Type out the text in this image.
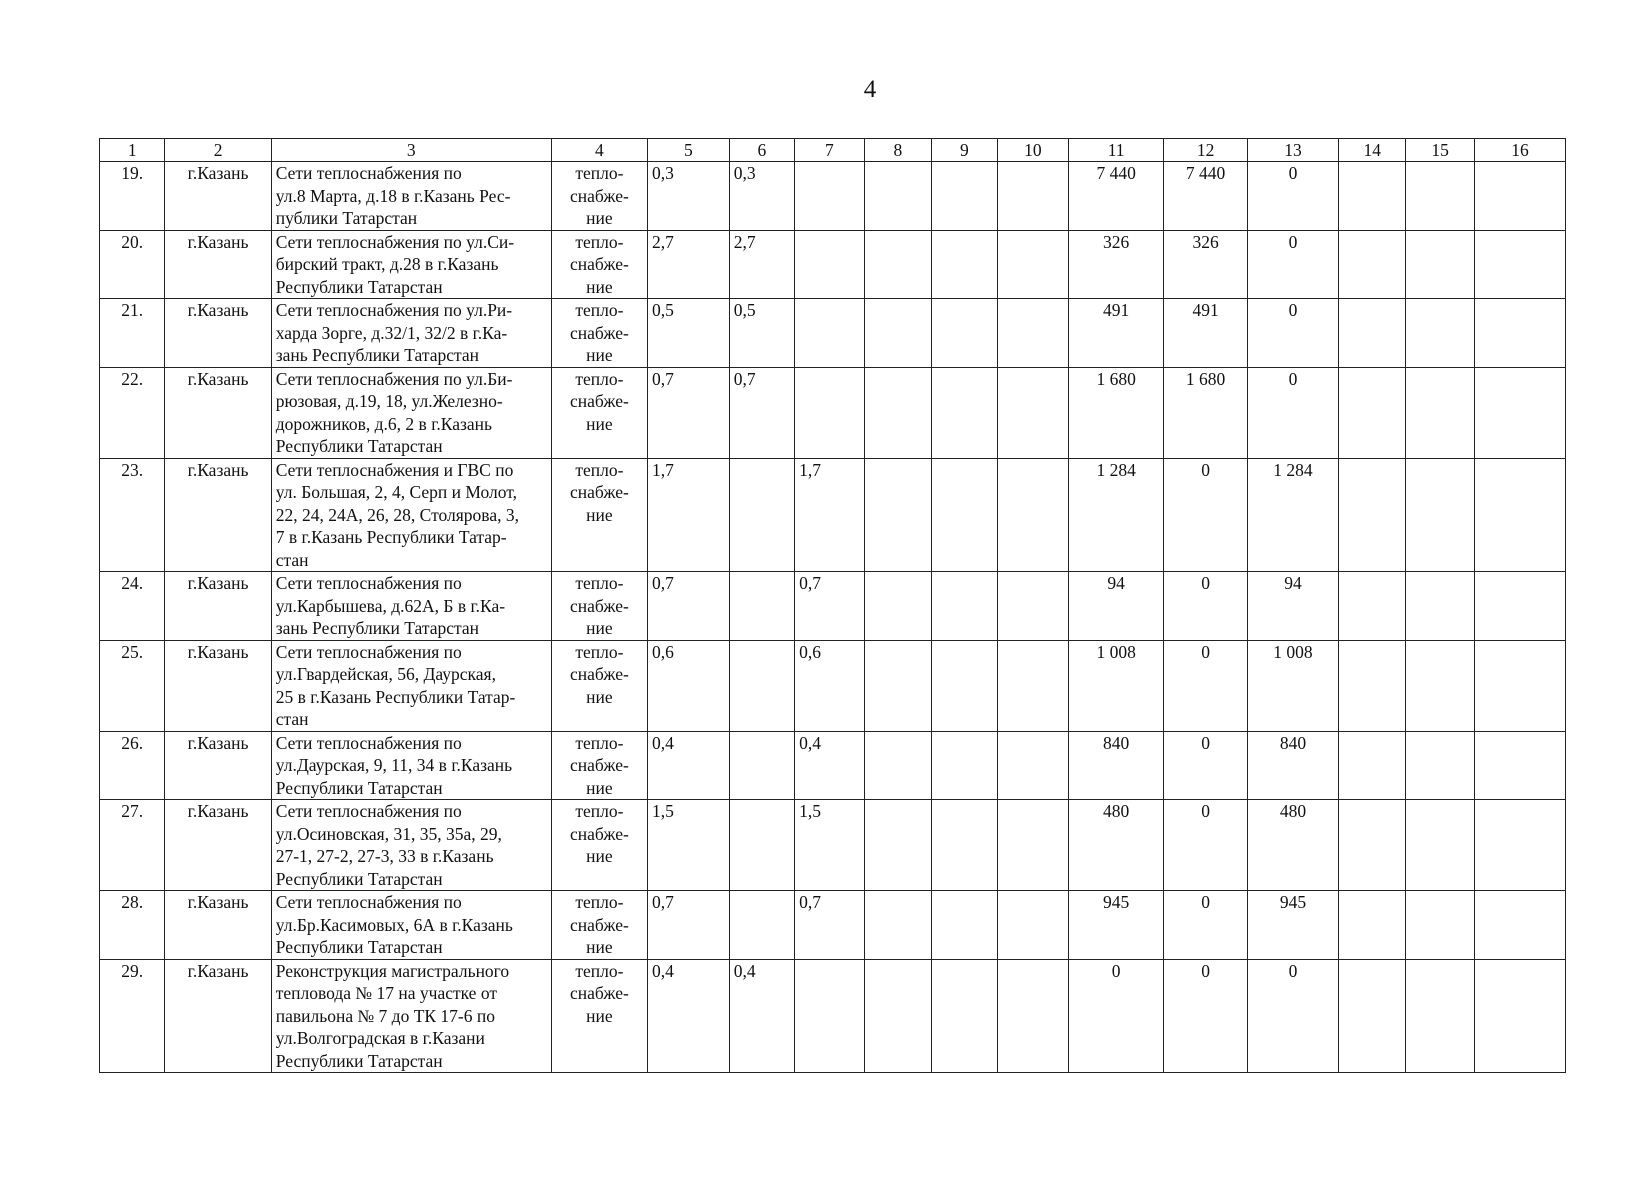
4
1	2	3	4	5	6	7	8	9	10	11	12	13	14	15	16
19.	г.Казань	Сети теплоснабжения по
ул.8 Марта, д.18 в г.Казань Рес-
публики Татарстан	тепло-
снабже-
ние	0,3	0,3					7 440	7 440	0			
20.	г.Казань	Сети теплоснабжения по ул.Си-
бирский тракт, д.28 в г.Казань
Республики Татарстан	тепло-
снабже-
ние	2,7	2,7					326	326	0			
21.	г.Казань	Сети теплоснабжения по ул.Ри-
харда Зорге, д.32/1, 32/2 в г.Ка-
зань Республики Татарстан	тепло-
снабже-
ние	0,5	0,5					491	491	0			
22.	г.Казань	Сети теплоснабжения по ул.Би-
рюзовая, д.19, 18, ул.Железно-
дорожников, д.6, 2 в г.Казань
Республики Татарстан	тепло-
снабже-
ние	0,7	0,7					1 680	1 680	0			
23.	г.Казань	Сети теплоснабжения и ГВС по
ул. Большая, 2, 4, Серп и Молот,
22, 24, 24А, 26, 28, Столярова, 3,
7 в г.Казань Республики Татар-
стан	тепло-
снабже-
ние	1,7		1,7				1 284	0	1 284			
24.	г.Казань	Сети теплоснабжения по
ул.Карбышева, д.62А, Б в г.Ка-
зань Республики Татарстан	тепло-
снабже-
ние	0,7		0,7				94	0	94			
25.	г.Казань	Сети теплоснабжения по
ул.Гвардейская, 56, Даурская,
25 в г.Казань Республики Татар-
стан	тепло-
снабже-
ние	0,6		0,6				1 008	0	1 008			
26.	г.Казань	Сети теплоснабжения по
ул.Даурская, 9, 11, 34 в г.Казань
Республики Татарстан	тепло-
снабже-
ние	0,4		0,4				840	0	840			
27.	г.Казань	Сети теплоснабжения по
ул.Осиновская, 31, 35, 35а, 29,
27-1, 27-2, 27-3, 33 в г.Казань
Республики Татарстан	тепло-
снабже-
ние	1,5		1,5				480	0	480			
28.	г.Казань	Сети теплоснабжения по
ул.Бр.Касимовых, 6А в г.Казань
Республики Татарстан	тепло-
снабже-
ние	0,7		0,7				945	0	945			
29.	г.Казань	Реконструкция магистрального
тепловода № 17 на участке от
павильона № 7 до ТК 17-6 по
ул.Волгоградская в г.Казани
Республики Татарстан	тепло-
снабже-
ние	0,4	0,4					0	0	0			
